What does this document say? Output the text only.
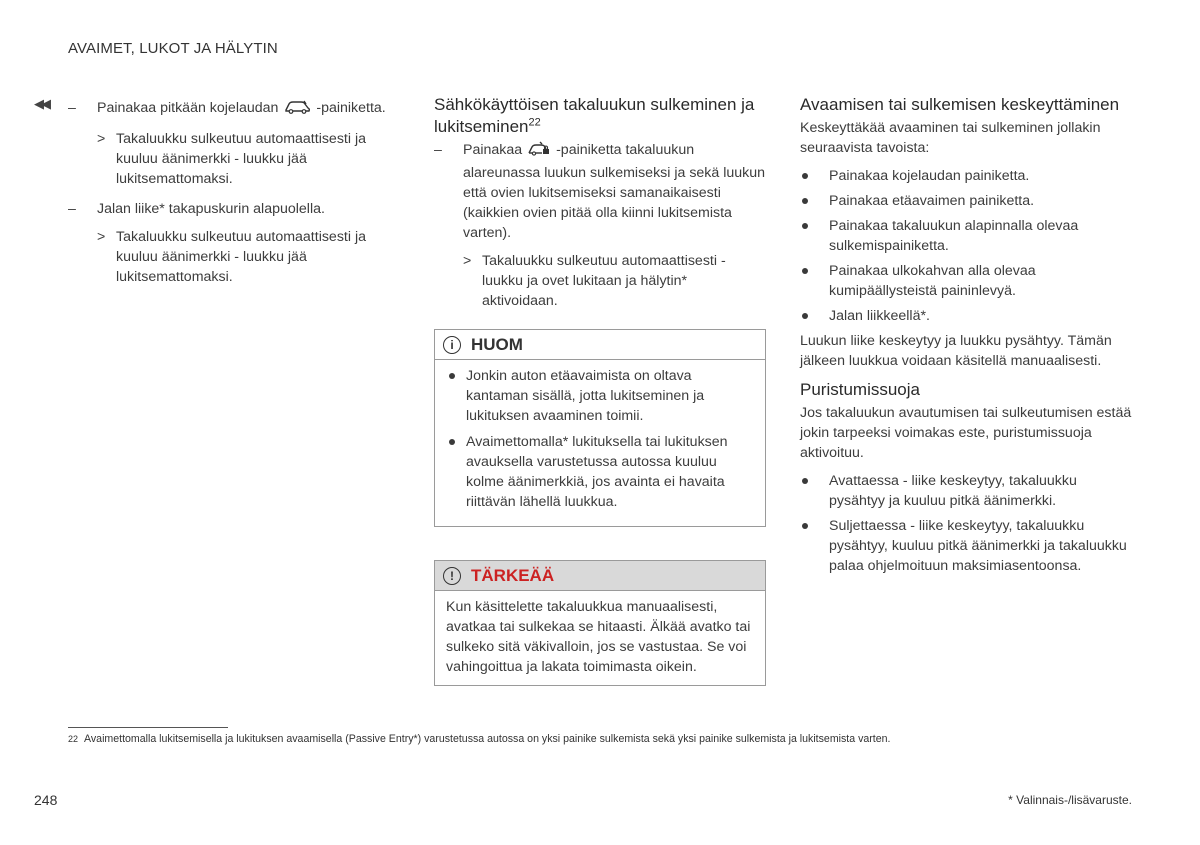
AVAIMET, LUKOT JA HÄLYTIN
◀◀ – Painakaa pitkään kojelaudan	-painiketta.
> Takaluukku sulkeutuu automaattisesti ja kuuluu äänimerkki - luukku jää lukitsemattomaksi.
– Jalan liike* takapuskurin alapuolella.
> Takaluukku sulkeutuu automaattisesti ja kuuluu äänimerkki - luukku jää lukitsemattomaksi.
Sähkökäyttöisen takaluukun sulkeminen ja lukitseminen$^{22}$
– Painakaa -painiketta takaluukun alareunassa luukun sulkemiseksi ja sekä luukun että ovien lukitsemiseksi samanaikaisesti (kaikkien ovien pitää olla kiinni lukitsemista varten).
> Takaluukku sulkeutuu automaattisesti - luukku ja ovet lukitaan ja hälytin* aktivoidaan.
i	HUOM
Jonkin auton etäavaimista on oltava kantaman sisällä, jotta lukitseminen ja lukituksen avaaminen toimii.
Avaimettomalla* lukituksella tai lukituksen avauksella varustetussa autossa kuuluu kolme äänimerkkiä, jos avainta ei havaita riittävän lähellä luukkua.
!	TÄRKEÄÄ
Kun käsittelette takaluukkua manuaalisesti, avatkaa tai sulkekaa se hitaasti. Älkää avatko tai sulkeko sitä väkivalloin, jos se vastustaa. Se voi vahingoittua ja lakata toimimasta oikein.
Avaamisen tai sulkemisen keskeyttäminen

Keskeyttäkää avaaminen tai sulkeminen jollakin seuraavista tavoista:

Painakaa kojelaudan painiketta.
Painakaa etäavaimen painiketta.
Painakaa takaluukun alapinnalla olevaa sulkemispainiketta.
Painakaa ulkokahvan alla olevaa kumipäällysteistä paininlevyä.
Jalan liikkeellä*.

Luukun liike keskeytyy ja luukku pysähtyy. Tämän jälkeen luukkua voidaan käsitellä manuaalisesti.

Puristumissuoja

Jos takaluukun avautumisen tai sulkeutumisen estää jokin tarpeeksi voimakas este, puristumissuoja aktivoituu.

Avattaessa - liike keskeytyy, takaluukku pysähtyy ja kuuluu pitkä äänimerkki.
Suljettaessa - liike keskeytyy, takaluukku pysähtyy, kuuluu pitkä äänimerkki ja takaluukku palaa ohjelmoituun maksimiasentoonsa.
22 Avaimettomalla lukitsemisella ja lukituksen avaamisella (Passive Entry*) varustetussa autossa on yksi painike sulkemista sekä yksi painike sulkemista ja lukitsemista varten.
248	* Valinnais-/lisävaruste.
